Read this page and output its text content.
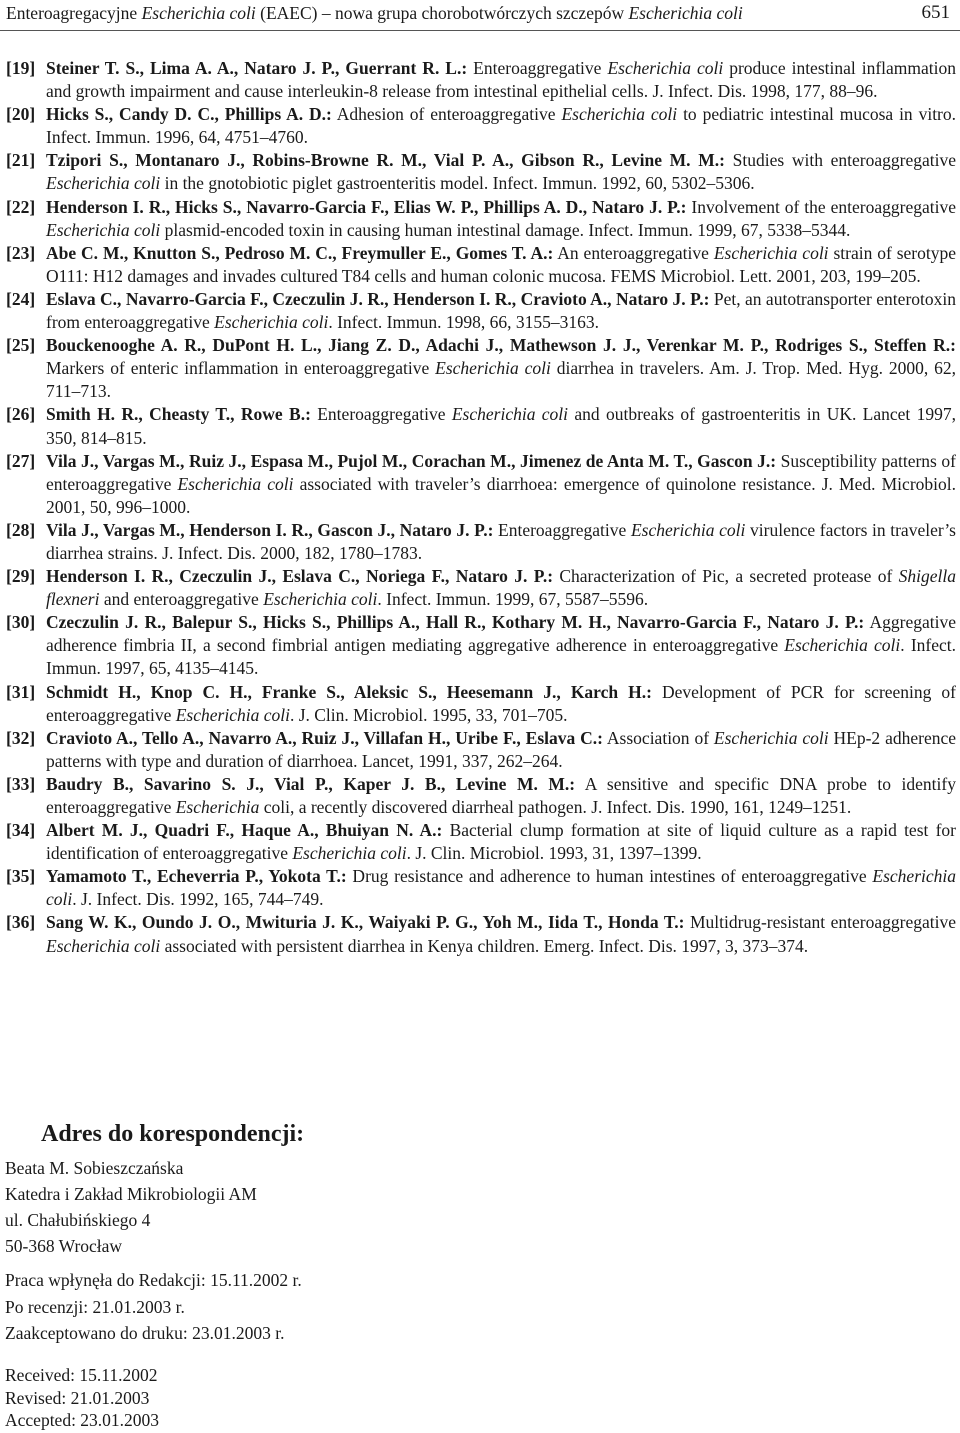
Enteroagregacyjne Escherichia coli (EAEC) – nowa grupa chorobotwórczych szczepów Escherichia coli	651
[19] Steiner T. S., Lima A. A., Nataro J. P., Guerrant R. L.: Enteroaggregative Escherichia coli produce intestinal inflammation and growth impairment and cause interleukin-8 release from intestinal epithelial cells. J. Infect. Dis. 1998, 177, 88–96.
[20] Hicks S., Candy D. C., Phillips A. D.: Adhesion of enteroaggregative Escherichia coli to pediatric intestinal mucosa in vitro. Infect. Immun. 1996, 64, 4751–4760.
[21] Tzipori S., Montanaro J., Robins-Browne R. M., Vial P. A., Gibson R., Levine M. M.: Studies with enteroaggregative Escherichia coli in the gnotobiotic piglet gastroenteritis model. Infect. Immun. 1992, 60, 5302–5306.
[22] Henderson I. R., Hicks S., Navarro-Garcia F., Elias W. P., Phillips A. D., Nataro J. P.: Involvement of the enteroaggregative Escherichia coli plasmid-encoded toxin in causing human intestinal damage. Infect. Immun. 1999, 67, 5338–5344.
[23] Abe C. M., Knutton S., Pedroso M. C., Freymuller E., Gomes T. A.: An enteroaggregative Escherichia coli strain of serotype O111: H12 damages and invades cultured T84 cells and human colonic mucosa. FEMS Microbiol. Lett. 2001, 203, 199–205.
[24] Eslava C., Navarro-Garcia F., Czeczulin J. R., Henderson I. R., Cravioto A., Nataro J. P.: Pet, an autotransporter enterotoxin from enteroaggregative Escherichia coli. Infect. Immun. 1998, 66, 3155–3163.
[25] Bouckenooghe A. R., DuPont H. L., Jiang Z. D., Adachi J., Mathewson J. J., Verenkar M. P., Rodriges S., Steffen R.: Markers of enteric inflammation in enteroaggregative Escherichia coli diarrhea in travelers. Am. J. Trop. Med. Hyg. 2000, 62, 711–713.
[26] Smith H. R., Cheasty T., Rowe B.: Enteroaggregative Escherichia coli and outbreaks of gastroenteritis in UK. Lancet 1997, 350, 814–815.
[27] Vila J., Vargas M., Ruiz J., Espasa M., Pujol M., Corachan M., Jimenez de Anta M. T., Gascon J.: Susceptibility patterns of enteroaggregative Escherichia coli associated with traveler’s diarrhoea: emergence of quinolone resistance. J. Med. Microbiol. 2001, 50, 996–1000.
[28] Vila J., Vargas M., Henderson I. R., Gascon J., Nataro J. P.: Enteroaggregative Escherichia coli virulence factors in traveler’s diarrhea strains. J. Infect. Dis. 2000, 182, 1780–1783.
[29] Henderson I. R., Czeczulin J., Eslava C., Noriega F., Nataro J. P.: Characterization of Pic, a secreted protease of Shigella flexneri and enteroaggregative Escherichia coli. Infect. Immun. 1999, 67, 5587–5596.
[30] Czeczulin J. R., Balepur S., Hicks S., Phillips A., Hall R., Kothary M. H., Navarro-Garcia F., Nataro J. P.: Aggregative adherence fimbria II, a second fimbrial antigen mediating aggregative adherence in enteroaggregative Escherichia coli. Infect. Immun. 1997, 65, 4135–4145.
[31] Schmidt H., Knop C. H., Franke S., Aleksic S., Heesemann J., Karch H.: Development of PCR for screening of enteroaggregative Escherichia coli. J. Clin. Microbiol. 1995, 33, 701–705.
[32] Cravioto A., Tello A., Navarro A., Ruiz J., Villafan H., Uribe F., Eslava C.: Association of Escherichia coli HEp-2 adherence patterns with type and duration of diarrhoea. Lancet, 1991, 337, 262–264.
[33] Baudry B., Savarino S. J., Vial P., Kaper J. B., Levine M. M.: A sensitive and specific DNA probe to identify enteroaggregative Escherichia coli, a recently discovered diarrheal pathogen. J. Infect. Dis. 1990, 161, 1249–1251.
[34] Albert M. J., Quadri F., Haque A., Bhuiyan N. A.: Bacterial clump formation at site of liquid culture as a rapid test for identification of enteroaggregative Escherichia coli. J. Clin. Microbiol. 1993, 31, 1397–1399.
[35] Yamamoto T., Echeverria P., Yokota T.: Drug resistance and adherence to human intestines of enteroaggregative Escherichia coli. J. Infect. Dis. 1992, 165, 744–749.
[36] Sang W. K., Oundo J. O., Mwituria J. K., Waiyaki P. G., Yoh M., Iida T., Honda T.: Multidrug-resistant enteroaggregative Escherichia coli associated with persistent diarrhea in Kenya children. Emerg. Infect. Dis. 1997, 3, 373–374.
Adres do korespondencji:
Beata M. Sobieszczańska
Katedra i Zakład Mikrobiologii AM
ul. Chałubińskiego 4
50-368 Wrocław
Praca wpłynęła do Redakcji: 15.11.2002 r.
Po recenzji: 21.01.2003 r.
Zaakceptowano do druku: 23.01.2003 r.
Received: 15.11.2002
Revised: 21.01.2003
Accepted: 23.01.2003
